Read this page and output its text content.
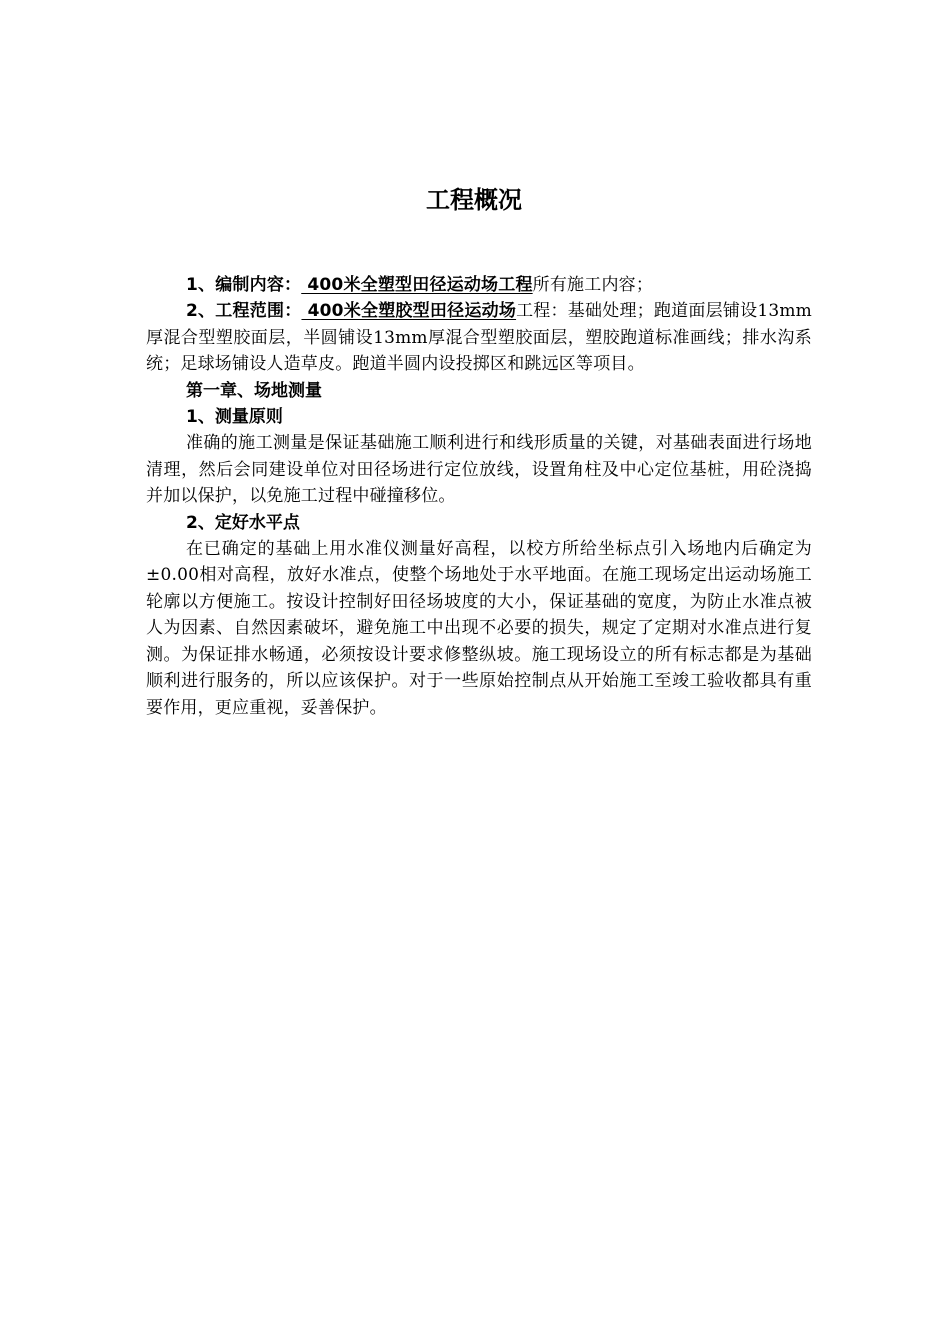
工程概况

1、编制内容： 400米全塑型田径运动场工程所有施工内容；

2、工程范围： 400米全塑胶型田径运动场工程：基础处理；跑道面层铺设13mm厚混合型塑胶面层，半圆铺设13mm厚混合型塑胶面层，塑胶跑道标准画线；排水沟系统；足球场铺设人造草皮。跑道半圆内设投掷区和跳远区等项目。

第一章、场地测量

1、测量原则

准确的施工测量是保证基础施工顺利进行和线形质量的关键，对基础表面进行场地清理，然后会同建设单位对田径场进行定位放线，设置角柱及中心定位基桩，用砼浇捣并加以保护，以免施工过程中碰撞移位。

2、定好水平点

在已确定的基础上用水准仪测量好高程，以校方所给坐标点引入场地内后确定为±0.00相对高程，放好水准点，使整个场地处于水平地面。在施工现场定出运动场施工轮廓以方便施工。按设计控制好田径场坡度的大小，保证基础的宽度，为防止水准点被人为因素、自然因素破坏，避免施工中出现不必要的损失，规定了定期对水准点进行复测。为保证排水畅通，必须按设计要求修整纵坡。施工现场设立的所有标志都是为基础顺利进行服务的，所以应该保护。对于一些原始控制点从开始施工至竣工验收都具有重要作用，更应重视，妥善保护。
